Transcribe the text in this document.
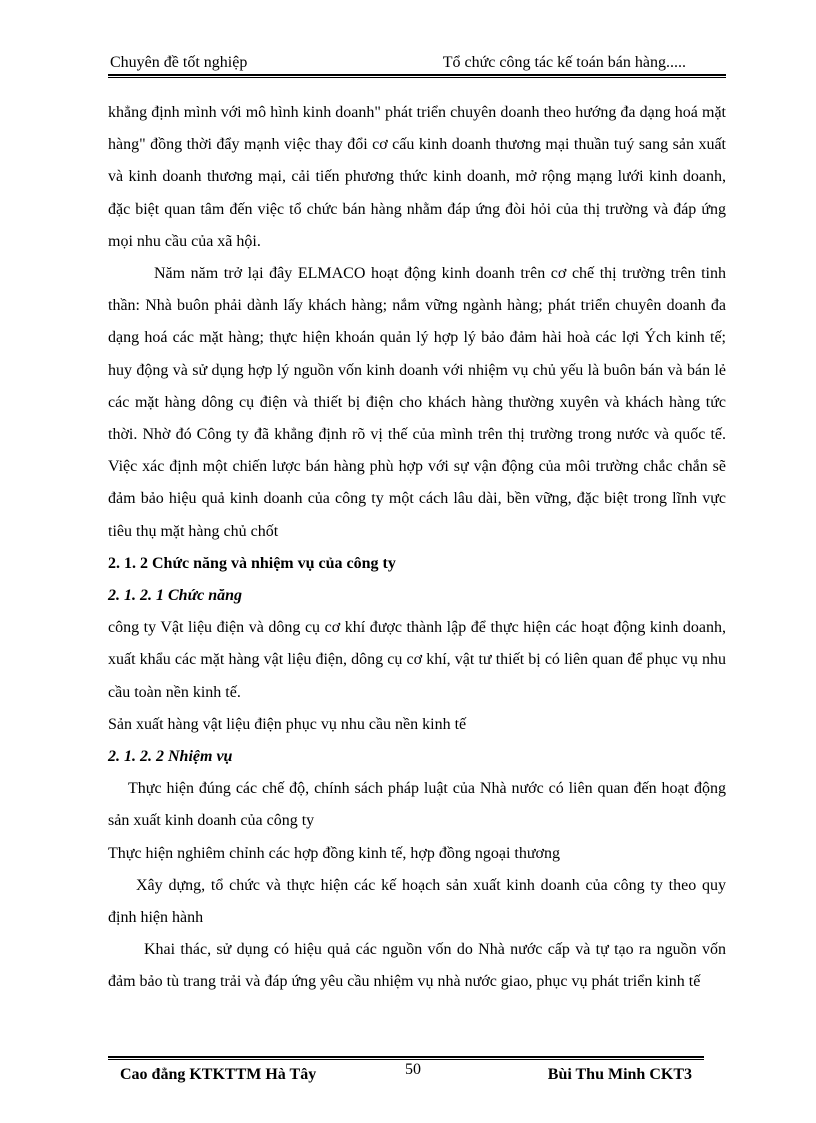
Chuyên đề tốt nghiệp	Tổ chức công tác kế toán bán hàng.....

khẳng định mình với mô hình kinh doanh" phát triển chuyên doanh theo hướng đa dạng hoá mặt hàng" đồng thời đẩy mạnh việc thay đổi cơ cấu kinh doanh thương mại thuần tuý sang sản xuất và kinh doanh thương mại, cải tiến phương thức kinh doanh, mở rộng mạng lưới kinh doanh, đặc biệt quan tâm đến việc tổ chức bán hàng nhằm đáp ứng đòi hỏi của thị trường và đáp ứng mọi nhu cầu của xã hội.

Năm năm trở lại đây ELMACO hoạt động kinh doanh trên cơ chế thị trường trên tinh thần: Nhà buôn phải dành lấy khách hàng; nắm vững ngành hàng; phát triển chuyên doanh đa dạng hoá các mặt hàng; thực hiện khoán quản lý hợp lý bảo đảm hài hoà các lợi Ých kinh tế; huy động và sử dụng hợp lý nguồn vốn kinh doanh với nhiệm vụ chủ yếu là buôn bán và bán lẻ các mặt hàng dông cụ điện và thiết bị điện cho khách hàng thường xuyên và khách hàng tức thời. Nhờ đó Công ty đã khẳng định rõ vị thế của mình trên thị trường trong nước và quốc tế. Việc xác định một chiến lược bán hàng phù hợp với sự vận động của môi trường chắc chắn sẽ đảm bảo hiệu quả kinh doanh của công ty một cách lâu dài, bền vững, đặc biệt trong lĩnh vực tiêu thụ mặt hàng chủ chốt

2. 1. 2 Chức năng và nhiệm vụ của công ty

2. 1. 2. 1 Chức năng

công ty Vật liệu điện và dông cụ cơ khí được thành lập để thực hiện các hoạt động kinh doanh, xuất khẩu các mặt hàng vật liệu điện, dông cụ cơ khí, vật tư thiết bị có liên quan để phục vụ nhu cầu toàn nền kinh tế.

Sản xuất hàng vật liệu điện phục vụ nhu cầu nền kinh tế

2. 1. 2. 2 Nhiệm vụ

Thực hiện đúng các chế độ, chính sách pháp luật của Nhà nước có liên quan đến hoạt động sản xuất kinh doanh của công ty

Thực hiện nghiêm chỉnh các hợp đồng kinh tế, hợp đồng ngoại thương

Xây dựng, tổ chức và thực hiện các kế hoạch sản xuất kinh doanh của công ty theo quy định hiện hành

Khai thác, sử dụng có hiệu quả các nguồn vốn do Nhà nước cấp và tự tạo ra nguồn vốn đảm bảo tù trang trải và đáp ứng yêu cầu nhiệm vụ nhà nước giao, phục vụ phát triển kinh tế

Cao đẳng KTKTTM Hà Tây	50	Bùi Thu Minh CKT3
